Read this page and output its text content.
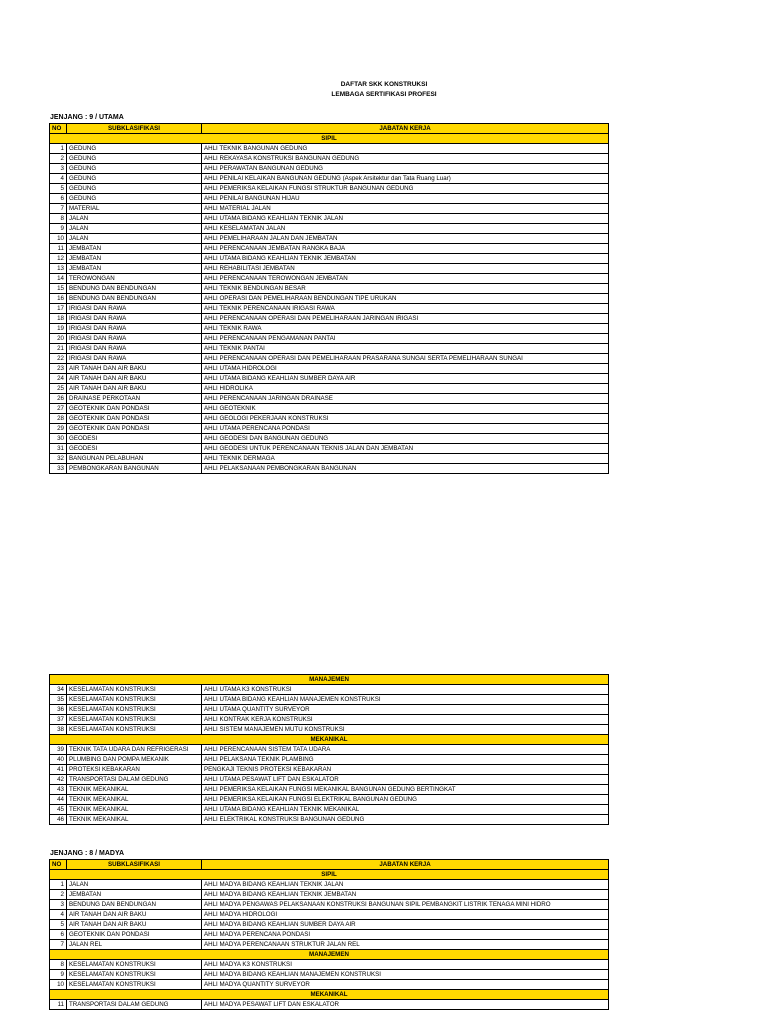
DAFTAR SKK KONSTRUKSI
LEMBAGA SERTIFIKASI PROFESI
JENJANG : 9 / UTAMA
NO	SUBKLASIFIKASI	JABATAN KERJA
SIPIL		
1	GEDUNG	AHLI TEKNIK BANGUNAN GEDUNG
2	GEDUNG	AHLI REKAYASA KONSTRUKSI BANGUNAN GEDUNG
3	GEDUNG	AHLI PERAWATAN BANGUNAN GEDUNG
4	GEDUNG	AHLI PENILAI KELAIKAN BANGUNAN GEDUNG (Aspek Arsitektur dan Tata Ruang Luar)
5	GEDUNG	AHLI PEMERIKSA KELAIKAN FUNGSI STRUKTUR BANGUNAN GEDUNG
6	GEDUNG	AHLI PENILAI BANGUNAN HIJAU
7	MATERIAL	AHLI MATERIAL JALAN
8	JALAN	AHLI UTAMA BIDANG KEAHLIAN TEKNIK JALAN
9	JALAN	AHLI KESELAMATAN JALAN
10	JALAN	AHLI PEMELIHARAAN JALAN DAN JEMBATAN
11	JEMBATAN	AHLI PERENCANAAN JEMBATAN RANGKA BAJA
12	JEMBATAN	AHLI UTAMA BIDANG KEAHLIAN TEKNIK JEMBATAN
13	JEMBATAN	AHLI REHABILITASI JEMBATAN
14	TEROWONGAN	AHLI PERENCANAAN TEROWONGAN JEMBATAN
15	BENDUNG DAN BENDUNGAN	AHLI TEKNIK BENDUNGAN BESAR
16	BENDUNG DAN BENDUNGAN	AHLI OPERASI DAN PEMELIHARAAN BENDUNGAN TIPE URUKAN
17	IRIGASI DAN RAWA	AHLI TEKNIK PERENCANAAN IRIGASI RAWA
18	IRIGASI DAN RAWA	AHLI PERENCANAAN OPERASI DAN PEMELIHARAAN JARINGAN IRIGASI
19	IRIGASI DAN RAWA	AHLI TEKNIK RAWA
20	IRIGASI DAN RAWA	AHLI PERENCANAAN PENGAMANAN PANTAI
21	IRIGASI DAN RAWA	AHLI TEKNIK PANTAI
22	IRIGASI DAN RAWA	AHLI PERENCANAAN OPERASI DAN PEMELIHARAAN PRASARANA SUNGAI SERTA PEMELIHARAAN SUNGAI
23	AIR TANAH DAN AIR BAKU	AHLI UTAMA HIDROLOGI
24	AIR TANAH DAN AIR BAKU	AHLI UTAMA BIDANG KEAHLIAN SUMBER DAYA AIR
25	AIR TANAH DAN AIR BAKU	AHLI HIDROLIKA
26	DRAINASE PERKOTAAN	AHLI PERENCANAAN JARINGAN DRAINASE
27	GEOTEKNIK DAN PONDASI	AHLI GEOTEKNIK
28	GEOTEKNIK DAN PONDASI	AHLI GEOLOGI PEKERJAAN KONSTRUKSI
29	GEOTEKNIK DAN PONDASI	AHLI UTAMA PERENCANA PONDASI
30	GEODESI	AHLI GEODESI DAN BANGUNAN GEDUNG
31	GEODESI	AHLI GEODESI UNTUK PERENCANAAN TEKNIS JALAN DAN JEMBATAN
32	BANGUNAN PELABUHAN	AHLI TEKNIK DERMAGA
33	PEMBONGKARAN BANGUNAN	AHLI PELAKSANAAN PEMBONGKARAN BANGUNAN
MANAJEMEN		
34	KESELAMATAN KONSTRUKSI	AHLI UTAMA K3 KONSTRUKSI
35	KESELAMATAN KONSTRUKSI	AHLI UTAMA BIDANG KEAHLIAN MANAJEMEN KONSTRUKSI
36	KESELAMATAN KONSTRUKSI	AHLI UTAMA QUANTITY SURVEYOR
37	KESELAMATAN KONSTRUKSI	AHLI KONTRAK KERJA KONSTRUKSI
38	KESELAMATAN KONSTRUKSI	AHLI SISTEM MANAJEMEN MUTU KONSTRUKSI
MEKANIKAL		
39	TEKNIK TATA UDARA DAN REFRIGERASI	AHLI PERENCANAAN SISTEM TATA UDARA
40	PLUMBING DAN POMPA MEKANIK	AHLI PELAKSANA TEKNIK PLAMBING
41	PROTEKSI KEBAKARAN	PENGKAJI TEKNIS PROTEKSI KEBAKARAN
42	TRANSPORTASI DALAM GEDUNG	AHLI UTAMA PESAWAT LIFT DAN ESKALATOR
43	TEKNIK MEKANIKAL	AHLI PEMERIKSA KELAIKAN FUNGSI MEKANIKAL BANGUNAN GEDUNG BERTINGKAT
44	TEKNIK MEKANIKAL	AHLI PEMERIKSA KELAIKAN FUNGSI ELEKTRIKAL BANGUNAN GEDUNG
45	TEKNIK MEKANIKAL	AHLI UTAMA BIDANG KEAHLIAN TEKNIK MEKANIKAL
46	TEKNIK MEKANIKAL	AHLI ELEKTRIKAL KONSTRUKSI BANGUNAN GEDUNG
JENJANG : 8 / MADYA
NO	SUBKLASIFIKASI	JABATAN KERJA
SIPIL		
1	JALAN	AHLI MADYA BIDANG KEAHLIAN TEKNIK JALAN
2	JEMBATAN	AHLI MADYA BIDANG KEAHLIAN TEKNIK JEMBATAN
3	BENDUNG DAN BENDUNGAN	AHLI MADYA PENGAWAS PELAKSANAAN KONSTRUKSI BANGUNAN SIPIL PEMBANGKIT LISTRIK TENAGA MINI HIDRO
4	AIR TANAH DAN AIR BAKU	AHLI MADYA HIDROLOGI
5	AIR TANAH DAN AIR BAKU	AHLI MADYA BIDANG KEAHLIAN SUMBER DAYA AIR
6	GEOTEKNIK DAN PONDASI	AHLI MADYA PERENCANA PONDASI
7	JALAN REL	AHLI MADYA PERENCANAAN STRUKTUR JALAN REL
MANAJEMEN		
8	KESELAMATAN KONSTRUKSI	AHLI MADYA K3 KONSTRUKSI
9	KESELAMATAN KONSTRUKSI	AHLI MADYA BIDANG KEAHLIAN MANAJEMEN KONSTRUKSI
10	KESELAMATAN KONSTRUKSI	AHLI MADYA QUANTITY SURVEYOR
MEKANIKAL		
11	TRANSPORTASI DALAM GEDUNG	AHLI MADYA PESAWAT LIFT DAN ESKALATOR
